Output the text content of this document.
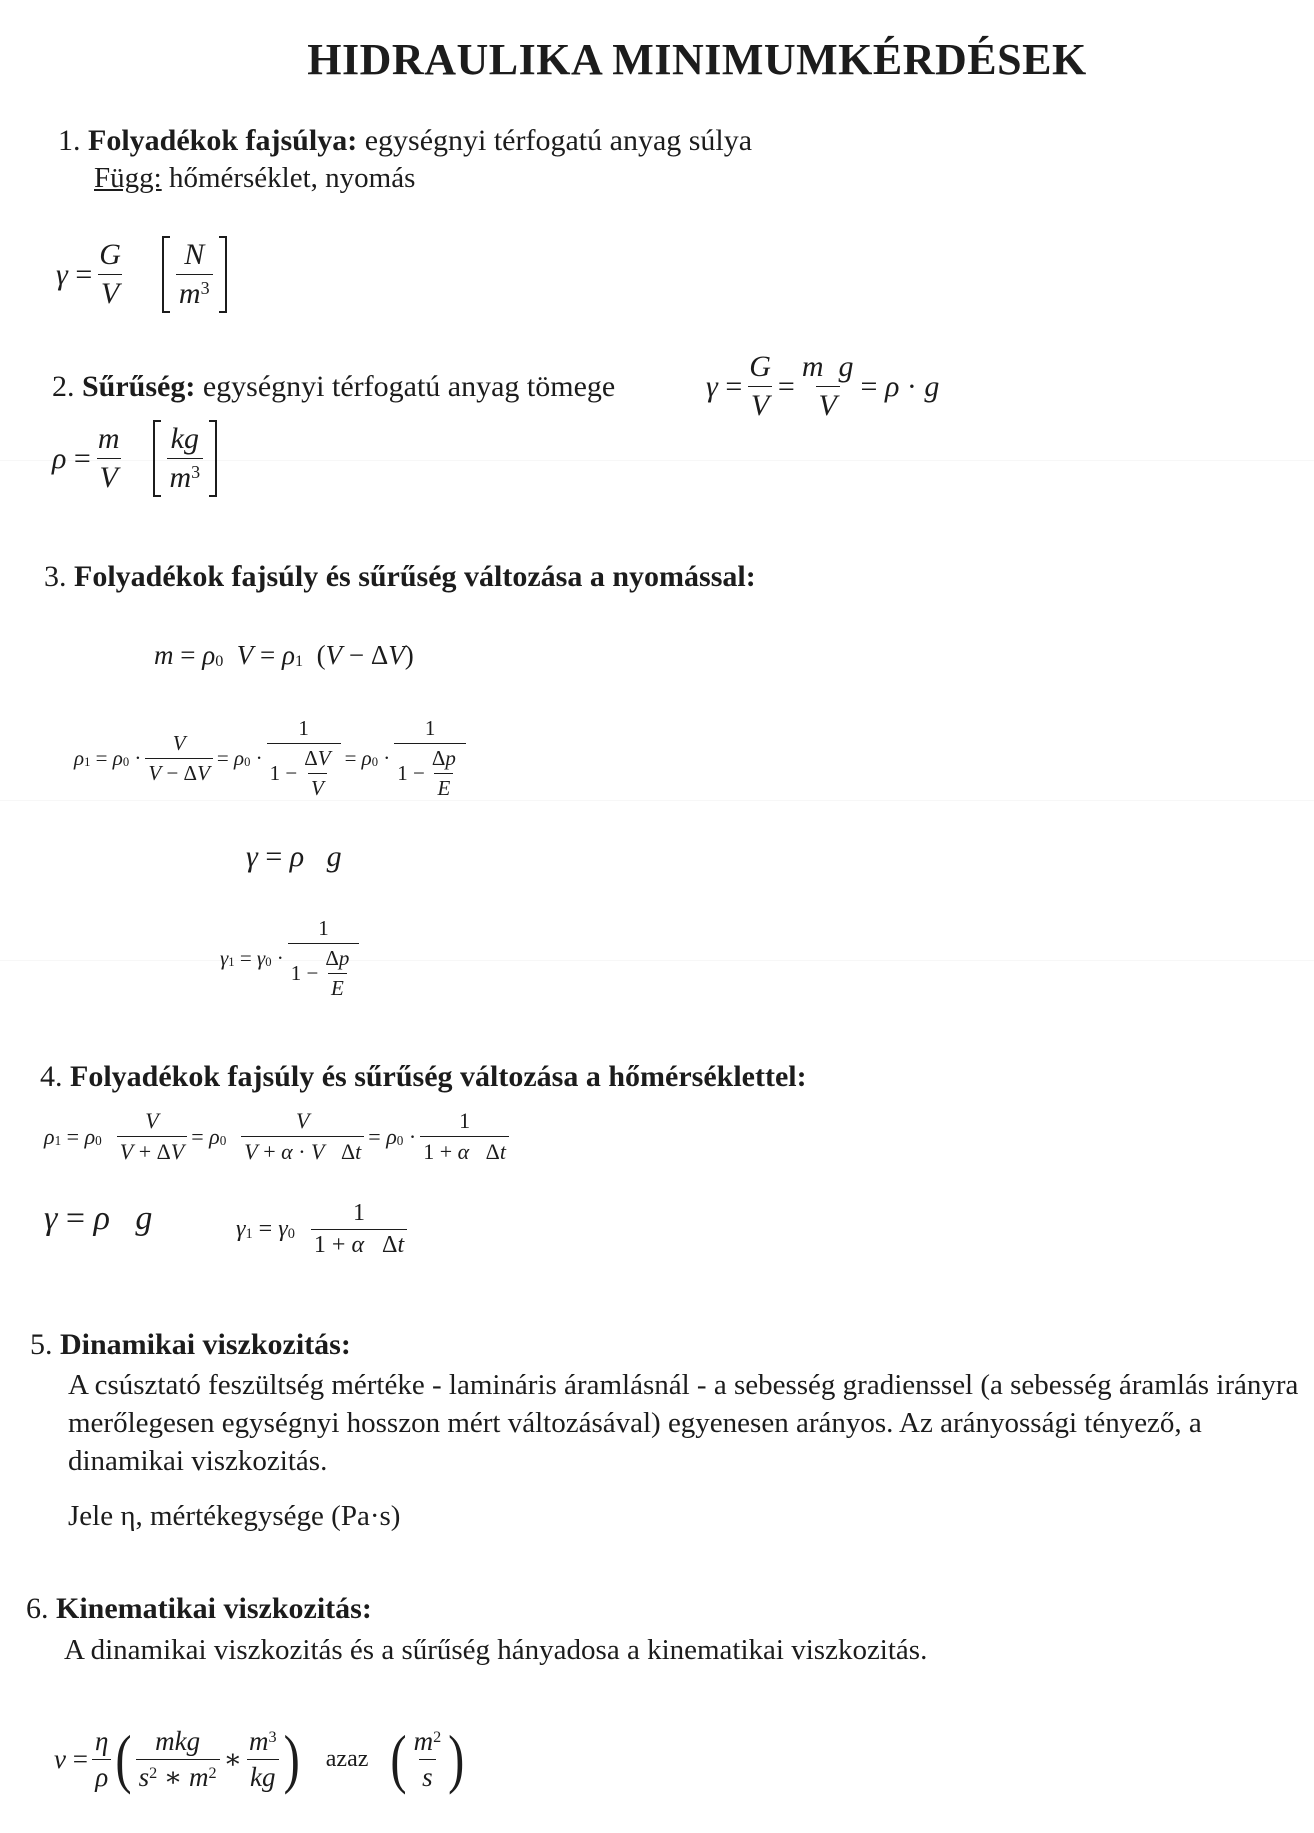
HIDRAULIKA MINIMUMKÉRDÉSEK
1. Folyadékok fajsúlya: egységnyi térfogatú anyag súlya
Függ: hőmérséklet, nyomás
$\gamma = \frac{G}{V} \frac{N}{m^3}$
2. Sűrűség: egységnyi térfogatú anyag tömege	$\gamma = \frac{G}{V} = \frac{\text{m g}}{V} = \rho \cdot g$
$\rho = \frac{m}{V} \frac{kg}{m^3}$
3. Folyadékok fajsúly és sűrűség változása a nyomással:
m = ρ 0
V = ρ 1 ( V − Δ V )
ρ 1 = ρ $0 \cdot \frac{V}{V - \Delta V} = \rho$ $0 \cdot \frac{1}{1 - \frac{\Delta V}{V}} = \rho$ $0 \cdot \frac{1}{1 - \frac{\Delta p}{E}}$
γ = ρ
g
γ 1 = γ $0 \cdot \frac{1}{1 - \frac{\Delta p}{E}}$
4. Folyadékok fajsúly és sűrűség változása a hőmérséklettel:
ρ 1 = ρ 0
$\frac{V}{V + \Delta V} = \rho$ 0
$\frac{V}{\text{V + α · V   Δt}} = \rho$ $0 \cdot \frac{1}{\text{1 + α   Δt}}$
γ = ρ
g	γ 1 = γ 0
$\frac{1}{\text{1 + α   Δt}}$
5. Dinamikai viszkozitás:
A csúsztató feszültség mértéke - lamináris áramlásnál - a sebesség gradienssel (a sebesség áramlás irányra merőlegesen egységnyi hosszon mért változásával) egyenesen arányos. Az arányossági tényező, a dinamikai viszkozitás.
Jele η, mértékegysége (Pa·s)
6. Kinematikai viszkozitás:
A dinamikai viszkozitás és a sűrűség hányadosa a kinematikai viszkozitás.
$\nu = \frac{\eta}{\rho}$ ( $\frac{\text{mkg}}{s^2 ∗ m^2}$ ∗ $\frac{m^3}{kg}$ ) azaz ( $\frac{m^2}{s}$ )
